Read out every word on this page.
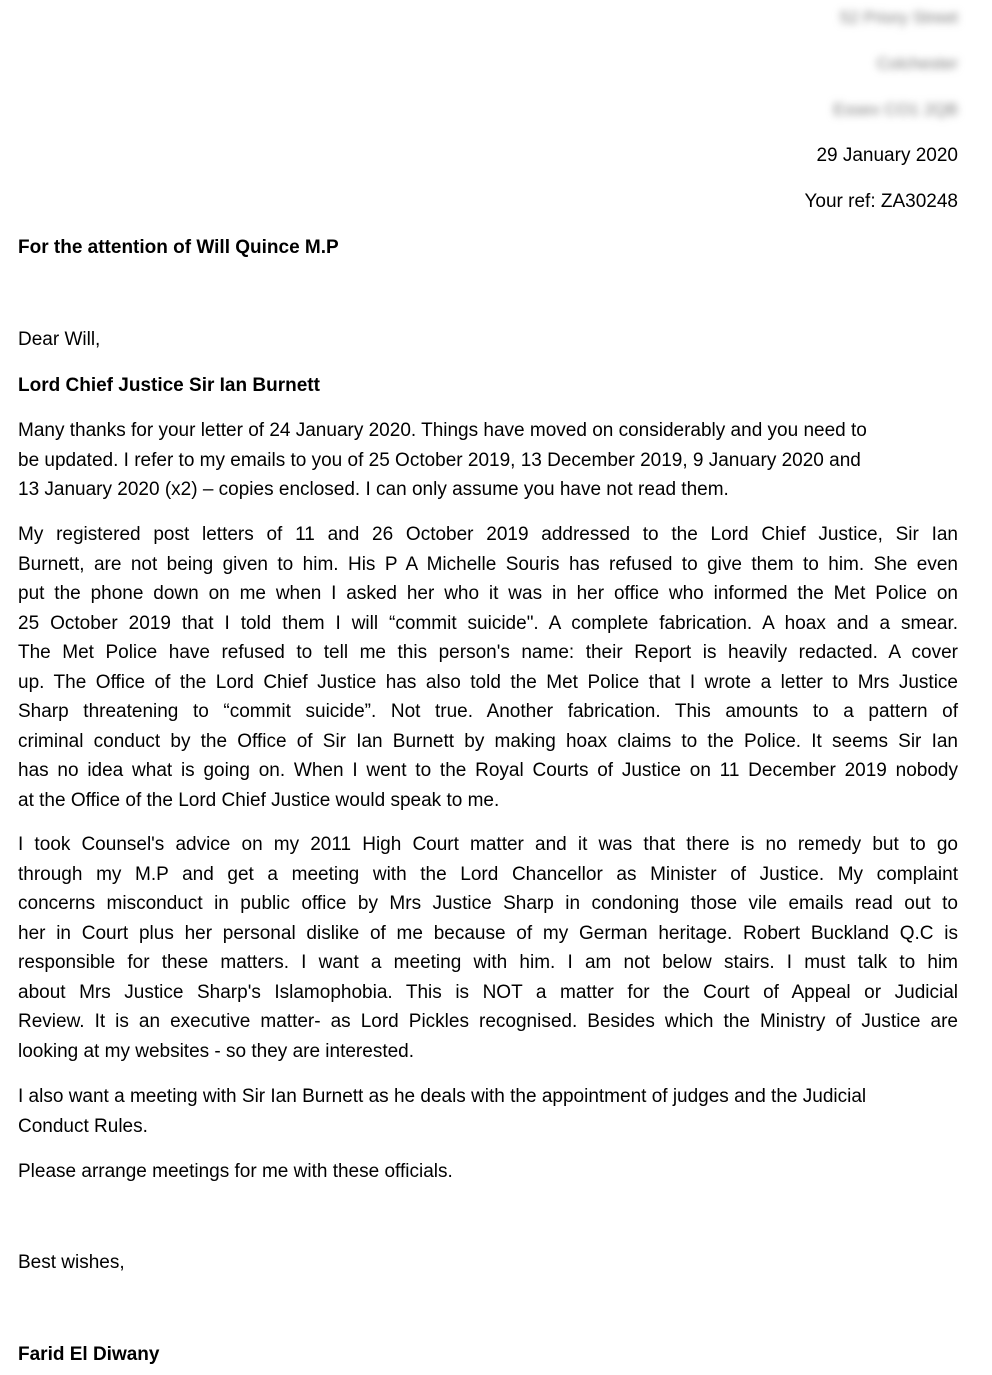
52 Priory Street
Colchester
Essex CO1 2QB
29 January 2020
Your ref: ZA30248
For the attention of Will Quince M.P
Dear Will,
Lord Chief Justice Sir Ian Burnett
Many thanks for your letter of 24 January 2020. Things have moved on considerably and you need to
be updated. I refer to my emails to you of 25 October 2019, 13 December 2019, 9 January 2020 and
13 January 2020 (x2) – copies enclosed. I can only assume you have not read them.
My registered post letters of 11 and 26 October 2019 addressed to the Lord Chief Justice, Sir Ian
Burnett, are not being given to him. His P A Michelle Souris has refused to give them to him. She even
put the phone down on me when I asked her who it was in her office who informed the Met Police on
25 October 2019 that I told them I will “commit suicide". A complete fabrication. A hoax and a smear.
The Met Police have refused to tell me this person's name: their Report is heavily redacted. A cover
up. The Office of the Lord Chief Justice has also told the Met Police that I wrote a letter to Mrs Justice
Sharp threatening to “commit suicide”. Not true. Another fabrication. This amounts to a pattern of
criminal conduct by the Office of Sir Ian Burnett by making hoax claims to the Police. It seems Sir Ian
has no idea what is going on. When I went to the Royal Courts of Justice on 11 December 2019 nobody
at the Office of the Lord Chief Justice would speak to me.
I took Counsel's advice on my 2011 High Court matter and it was that there is no remedy but to go
through my M.P and get a meeting with the Lord Chancellor as Minister of Justice. My complaint
concerns misconduct in public office by Mrs Justice Sharp in condoning those vile emails read out to
her in Court plus her personal dislike of me because of my German heritage. Robert Buckland Q.C is
responsible for these matters. I want a meeting with him. I am not below stairs. I must talk to him
about Mrs Justice Sharp's Islamophobia. This is NOT a matter for the Court of Appeal or Judicial
Review. It is an executive matter- as Lord Pickles recognised. Besides which the Ministry of Justice are
looking at my websites - so they are interested.
I also want a meeting with Sir Ian Burnett as he deals with the appointment of judges and the Judicial
Conduct Rules.
Please arrange meetings for me with these officials.
Best wishes,
Farid El Diwany
